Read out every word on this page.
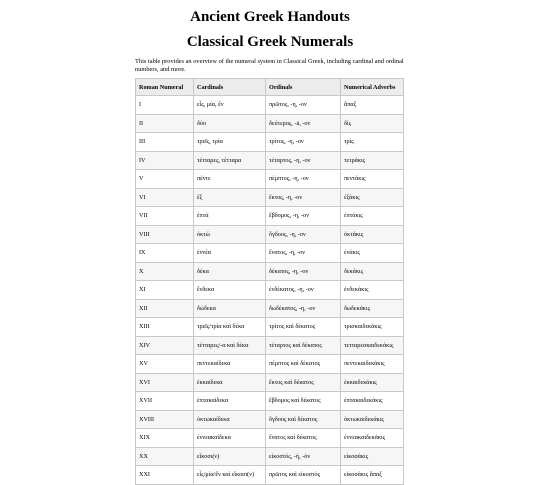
Ancient Greek Handouts
Classical Greek Numerals
This table provides an overview of the numeral system in Classical Greek, including cardinal and ordinal numbers, and more.
Roman Numeral	Cardinals	Ordinals	Numerical Adverbs
I	εἷς, μία, ἕν	πρῶτος, -η, -ον	ἅπαξ
II	δύο	δεύτερος, -ā, -ον	δίς
III	τρεῖς, τρία	τρίτος, -η, -ον	τρίς
IV	τέτταρες, τέτταρα	τέταρτος, -η, -ον	τετράκις
V	πέντε	πέμπτος, -η, -ον	πεντάκις
VI	ἕξ	ἕκτος, -η, -ον	ἑξάκις
VII	ἑπτά	ἕβδομος, -η, -ον	ἑπτάκις
VIII	ὀκτώ	ὄγδοος, -η, -ον	ὀκτάκις
IX	ἐννέα	ἔνατος, -η, -ον	ἐνάκις
X	δέκα	δέκατος, -η, -ον	δεκάκις
XI	ἕνδεκα	ἑνδέκατος, -η, -ον	ἑνδεκάκις
XII	δώδεκα	δωδέκατος, -η, -ον	δωδεκάκις
XIII	τρεῖς/τρία καὶ δέκα	τρίτος καὶ δέκατος	τρισκαιδεκάκις
XIV	τέτταρες/-α καὶ δέκα	τέταρτος καὶ δέκατος	τετταρεσκαιδεκάκις
XV	πεντεκαίδεκα	πέμπτος καὶ δέκατος	πεντεκαιδεκάκις
XVI	ἑκκαίδεκα	ἕκτος καὶ δέκατος	ἑκκαιδεκάκις
XVII	ἑπτακαίδεκα	ἕβδομος καὶ δέκατος	ἑπτακαιδεκάκις
XVIII	ὀκτωκαίδεκα	ὄγδοος καὶ δέκατος	ὀκτωκαιδεκάκις
XIX	ἐννεακαίδεκα	ἔνατος καὶ δέκατος	ἐννεακαιδεκάκις
XX	εἴκοσι(ν)	εἰκοστός, -ή, -όν	εἰκοσάκις
XXI	εἷς/μία/ἕν καὶ εἴκοσι(ν)	πρῶτος καὶ εἰκοστός	εἰκοσάκις ἅπαξ
